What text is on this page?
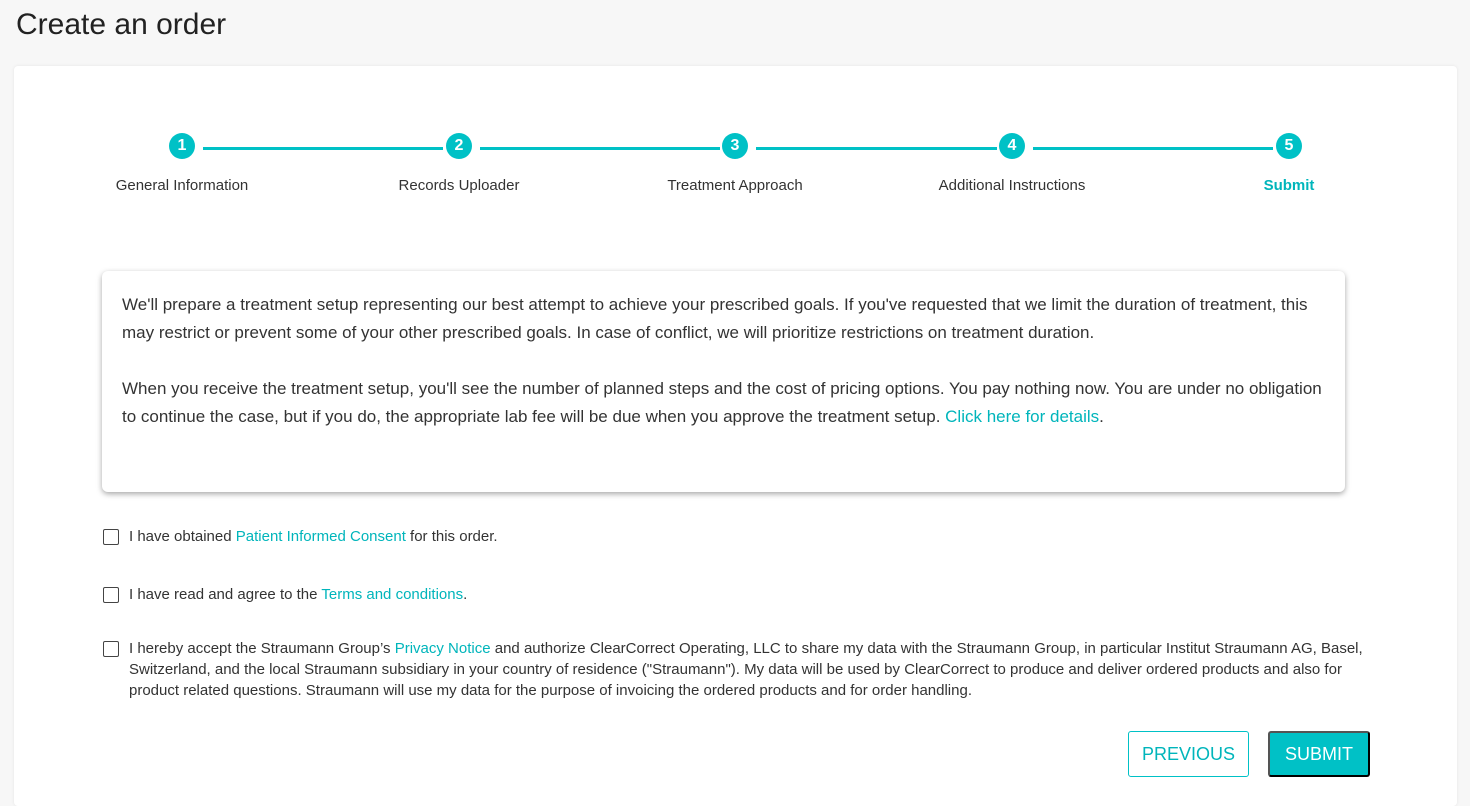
Create an order
1
General Information
2
Records Uploader
3
Treatment Approach
4
Additional Instructions
5
Submit

We'll prepare a treatment setup representing our best attempt to achieve your prescribed goals. If you've requested that we limit the duration of treatment, this may restrict or prevent some of your other prescribed goals. In case of conflict, we will prioritize restrictions on treatment duration.

When you receive the treatment setup, you'll see the number of planned steps and the cost of pricing options. You pay nothing now. You are under no obligation to continue the case, but if you do, the appropriate lab fee will be due when you approve the treatment setup. Click here for details.

I have obtained Patient Informed Consent for this order.
I have read and agree to the Terms and conditions.
I hereby accept the Straumann Group’s Privacy Notice and authorize ClearCorrect Operating, LLC to share my data with the Straumann Group, in particular Institut Straumann AG, Basel, Switzerland, and the local Straumann subsidiary in your country of residence ("Straumann"). My data will be used by ClearCorrect to produce and deliver ordered products and also for product related questions. Straumann will use my data for the purpose of invoicing the ordered products and for order handling.
PREVIOUS	SUBMIT
